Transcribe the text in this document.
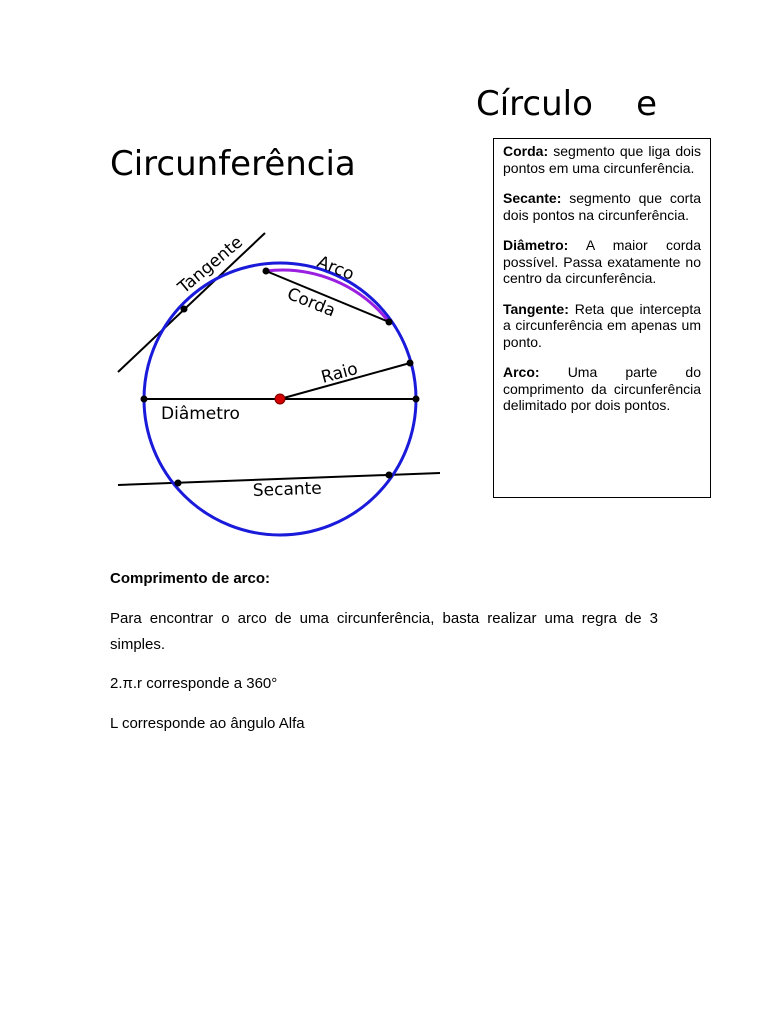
Círculo    e
Circunferência
Tangente	Arco
Corda
Raio
Diâmetro
Secante

Corda: segmento que liga dois pontos em uma circunferência.

Secante: segmento que corta dois pontos na circunferência.

Diâmetro: A maior corda possível. Passa exatamente no centro da circunferência.

Tangente: Reta que intercepta a circunferência em apenas um ponto.

Arco: Uma parte do comprimento da circunferência delimitado por dois pontos.

Comprimento de arco:

Para encontrar o arco de uma circunferência, basta realizar uma regra de 3 simples.

2.π.r corresponde a 360°

L corresponde ao ângulo Alfa
